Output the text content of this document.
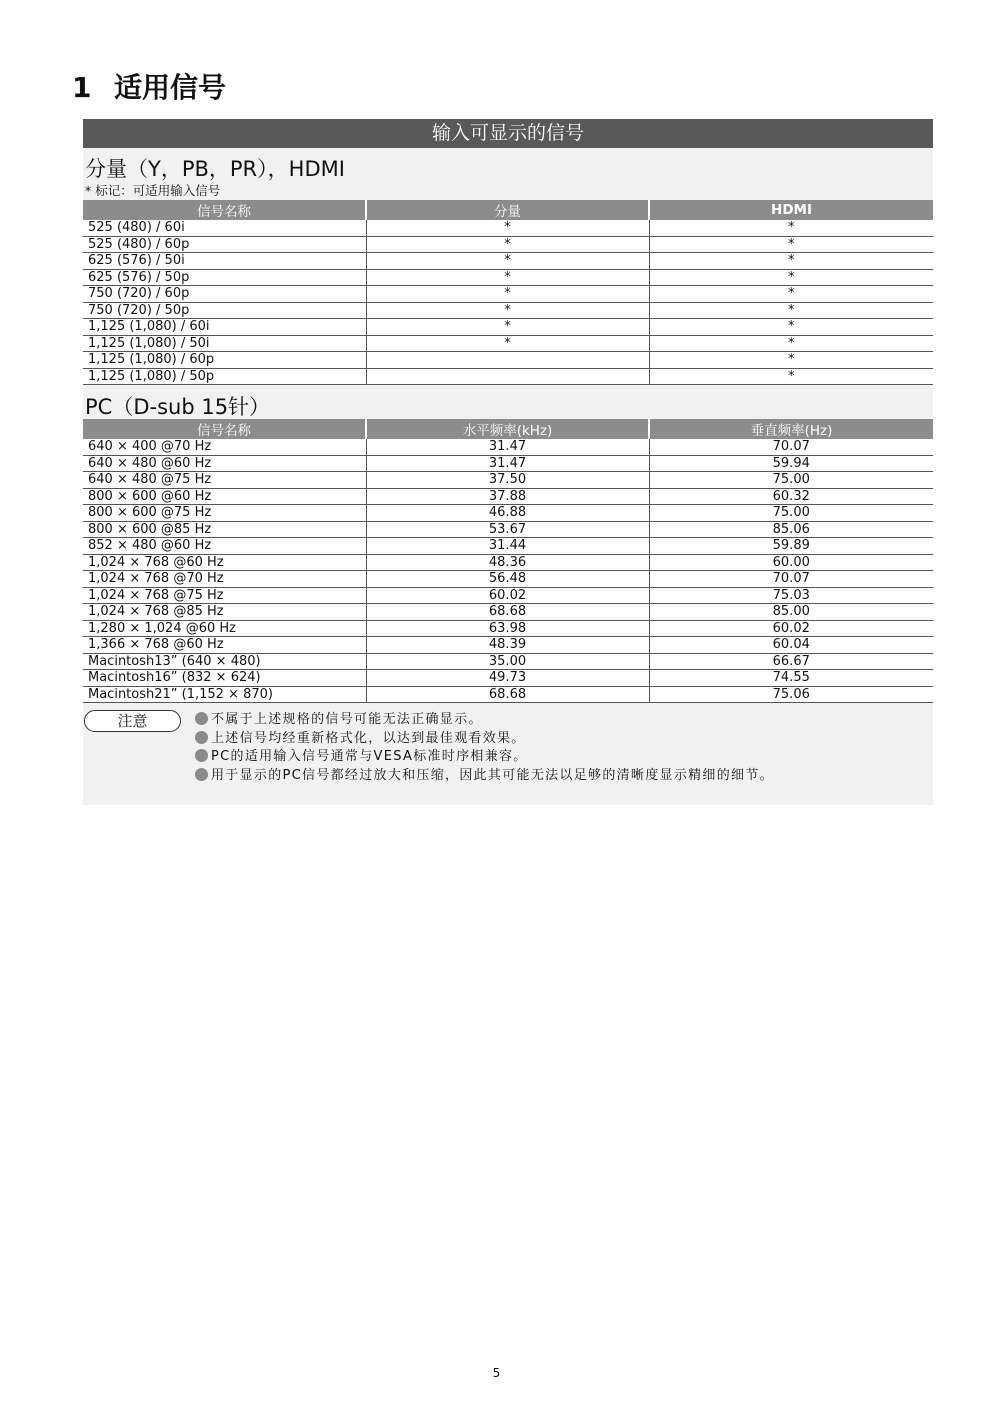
1 适用信号
输入可显示的信号
分量（Y，PB，PR），HDMI
* 标记：可适用输入信号
信号名称	分量	HDMI
525 (480) / 60i	*	*
525 (480) / 60p	*	*
625 (576) / 50i	*	*
625 (576) / 50p	*	*
750 (720) / 60p	*	*
750 (720) / 50p	*	*
1,125 (1,080) / 60i	*	*
1,125 (1,080) / 50i	*	*
1,125 (1,080) / 60p		*
1,125 (1,080) / 50p		*
PC（D-sub 15针）
信号名称	水平频率(kHz)	垂直频率(Hz)
640 × 400 @70 Hz	31.47	70.07
640 × 480 @60 Hz	31.47	59.94
640 × 480 @75 Hz	37.50	75.00
800 × 600 @60 Hz	37.88	60.32
800 × 600 @75 Hz	46.88	75.00
800 × 600 @85 Hz	53.67	85.06
852 × 480 @60 Hz	31.44	59.89
1,024 × 768 @60 Hz	48.36	60.00
1,024 × 768 @70 Hz	56.48	70.07
1,024 × 768 @75 Hz	60.02	75.03
1,024 × 768 @85 Hz	68.68	85.00
1,280 × 1,024 @60 Hz	63.98	60.02
1,366 × 768 @60 Hz	48.39	60.04
Macintosh13” (640 × 480)	35.00	66.67
Macintosh16” (832 × 624)	49.73	74.55
Macintosh21” (1,152 × 870)	68.68	75.06
注意	不属于上述规格的信号可能无法正确显示。
上述信号均经重新格式化，以达到最佳观看效果。
PC的适用输入信号通常与VESA标准时序相兼容。
用于显示的PC信号都经过放大和压缩，因此其可能无法以足够的清晰度显示精细的细节。
5
